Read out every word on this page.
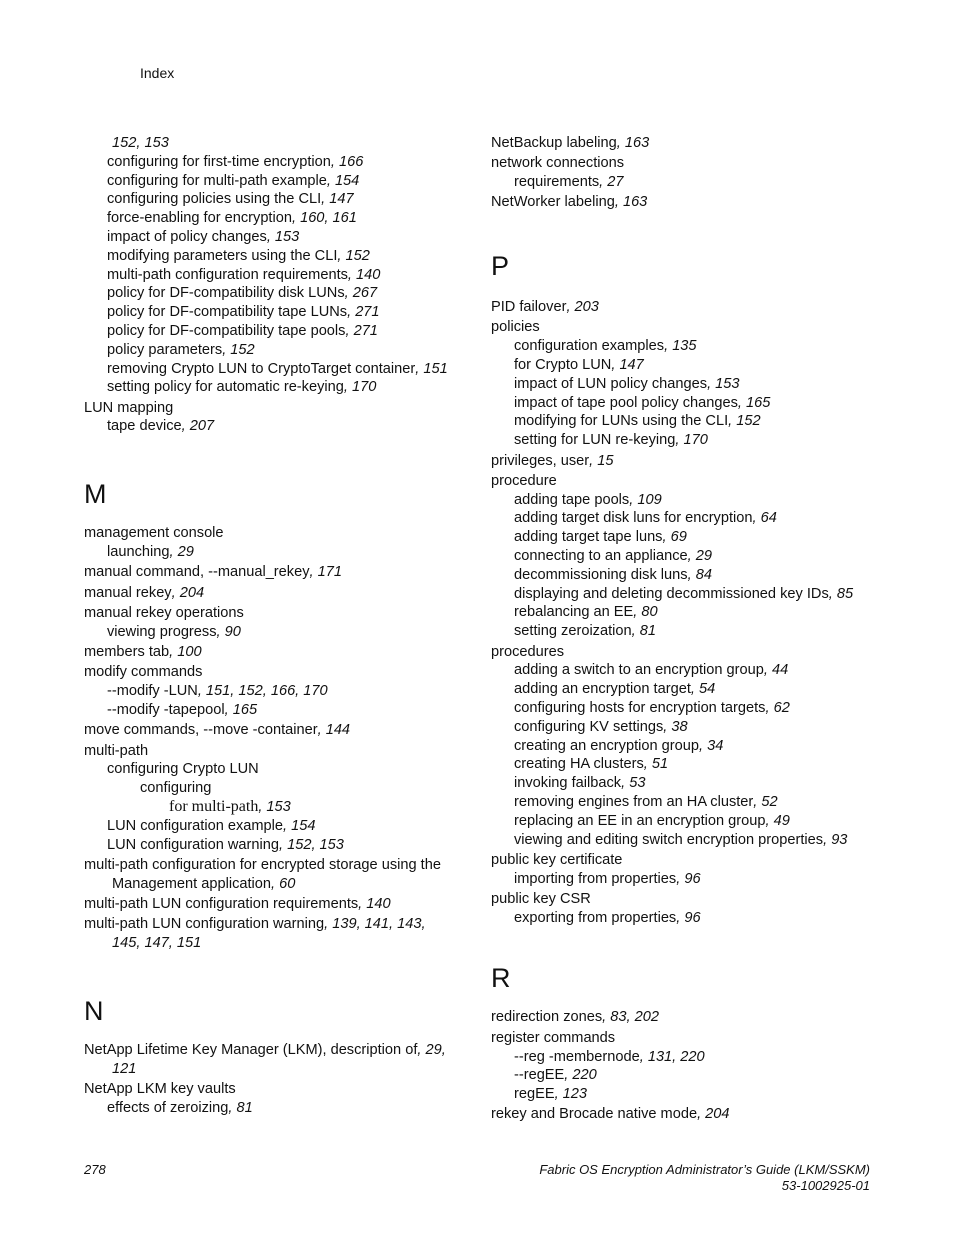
Index
152, 153
configuring for first-time encryption, 166
configuring for multi-path example, 154
configuring policies using the CLI, 147
force-enabling for encryption, 160, 161
impact of policy changes, 153
modifying parameters using the CLI, 152
multi-path configuration requirements, 140
policy for DF-compatibility disk LUNs, 267
policy for DF-compatibility tape LUNs, 271
policy for DF-compatibility tape pools, 271
policy parameters, 152
removing Crypto LUN to CryptoTarget container, 151
setting policy for automatic re-keying, 170
LUN mapping
tape device, 207
M
management console
launching, 29
manual command, --manual_rekey, 171
manual rekey, 204
manual rekey operations
viewing progress, 90
members tab, 100
modify commands
--modify -LUN, 151, 152, 166, 170
--modify -tapepool, 165
move commands, --move -container, 144
multi-path
configuring Crypto LUN
configuring
for multi-path, 153
LUN configuration example, 154
LUN configuration warning, 152, 153
multi-path configuration for encrypted storage using the
Management application, 60
multi-path LUN configuration requirements, 140
multi-path LUN configuration warning, 139, 141, 143,
145, 147, 151
N
NetApp Lifetime Key Manager (LKM), description of, 29,
121
NetApp LKM key vaults
effects of zeroizing, 81
NetBackup labeling, 163
network connections
requirements, 27
NetWorker labeling, 163
P
PID failover, 203
policies
configuration examples, 135
for Crypto LUN, 147
impact of LUN policy changes, 153
impact of tape pool policy changes, 165
modifying for LUNs using the CLI, 152
setting for LUN re-keying, 170
privileges, user, 15
procedure
adding tape pools, 109
adding target disk luns for encryption, 64
adding target tape luns, 69
connecting to an appliance, 29
decommissioning disk luns, 84
displaying and deleting decommissioned key IDs, 85
rebalancing an EE, 80
setting zeroization, 81
procedures
adding a switch to an encryption group, 44
adding an encryption target, 54
configuring hosts for encryption targets, 62
configuring KV settings, 38
creating an encryption group, 34
creating HA clusters, 51
invoking failback, 53
removing engines from an HA cluster, 52
replacing an EE in an encryption group, 49
viewing and editing switch encryption properties, 93
public key certificate
importing from properties, 96
public key CSR
exporting from properties, 96
R
redirection zones, 83, 202
register commands
--reg -membernode, 131, 220
--regEE, 220
regEE, 123
rekey and Brocade native mode, 204
278	Fabric OS Encryption Administrator’s Guide (LKM/SSKM)
53-1002925-01
